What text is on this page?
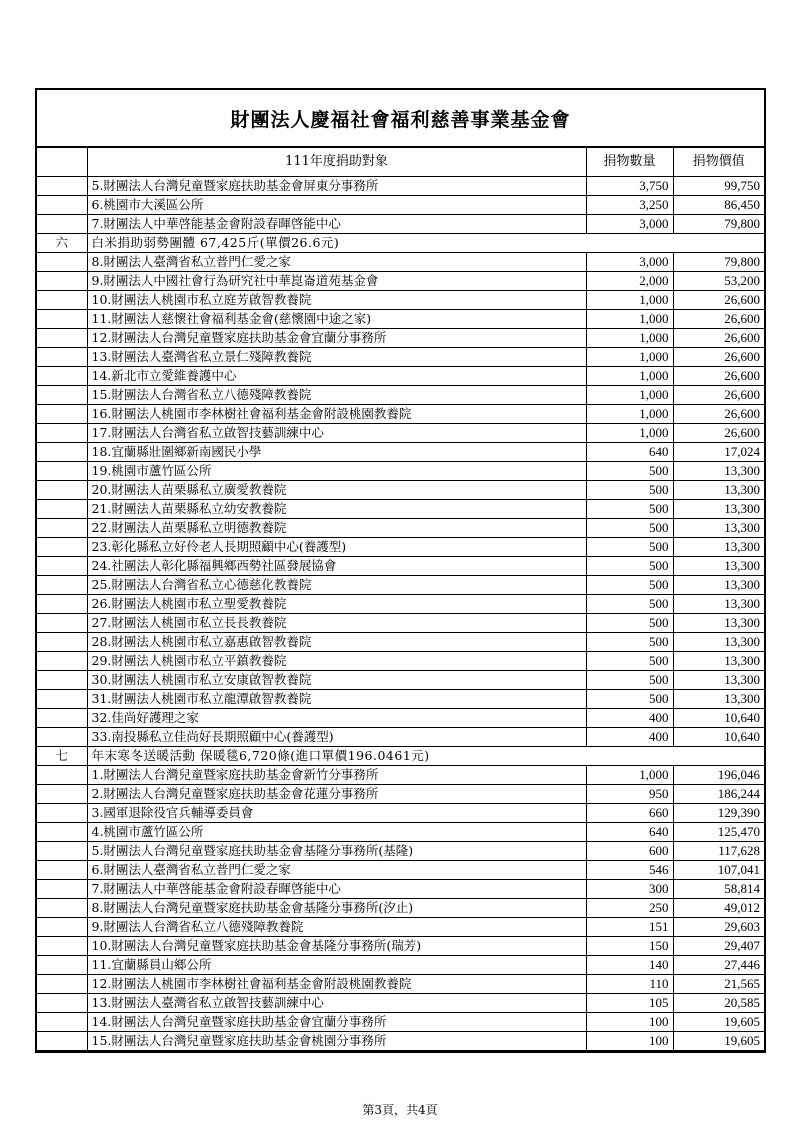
財團法人慶福社會福利慈善事業基金會
	111年度捐助對象	捐物數量	捐物價值
	5.財團法人台灣兒童暨家庭扶助基金會屏東分事務所	3,750	99,750
	6.桃園市大溪區公所	3,250	86,450
	7.財團法人中華啓能基金會附設春暉啓能中心	3,000	79,800
六	白米捐助弱勢團體 67,425斤(單價26.6元)		
	8.財團法人臺灣省私立普門仁愛之家	3,000	79,800
	9.財團法人中國社會行為研究社中華崑崙道苑基金會	2,000	53,200
	10.財團法人桃園市私立庭芳啟智教養院	1,000	26,600
	11.財團法人慈懷社會福利基金會(慈懷園中途之家)	1,000	26,600
	12.財團法人台灣兒童暨家庭扶助基金會宜蘭分事務所	1,000	26,600
	13.財團法人臺灣省私立景仁殘障教養院	1,000	26,600
	14.新北市立愛維養護中心	1,000	26,600
	15.財團法人台灣省私立八德殘障教養院	1,000	26,600
	16.財團法人桃園市李林樹社會福利基金會附設桃園教養院	1,000	26,600
	17.財團法人台灣省私立啟智技藝訓練中心	1,000	26,600
	18.宜蘭縣壯圍鄉新南國民小學	640	17,024
	19.桃園市蘆竹區公所	500	13,300
	20.財團法人苗栗縣私立廣愛教養院	500	13,300
	21.財團法人苗栗縣私立幼安教養院	500	13,300
	22.財團法人苗栗縣私立明德教養院	500	13,300
	23.彰化縣私立好伶老人長期照顧中心(養護型)	500	13,300
	24.社團法人彰化縣福興鄉西勢社區發展協會	500	13,300
	25.財團法人台灣省私立心德慈化教養院	500	13,300
	26.財團法人桃園市私立聖愛教養院	500	13,300
	27.財團法人桃園市私立長長教養院	500	13,300
	28.財團法人桃園市私立嘉惠啟智教養院	500	13,300
	29.財團法人桃園市私立平鎮教養院	500	13,300
	30.財團法人桃園市私立安康啟智教養院	500	13,300
	31.財團法人桃園市私立龍潭啟智教養院	500	13,300
	32.佳尚好護理之家	400	10,640
	33.南投縣私立佳尚好長期照顧中心(養護型)	400	10,640
七	年末寒冬送暖活動 保暖毯6,720條(進口單價196.0461元)		
	1.財團法人台灣兒童暨家庭扶助基金會新竹分事務所	1,000	196,046
	2.財團法人台灣兒童暨家庭扶助基金會花蓮分事務所	950	186,244
	3.國軍退除役官兵輔導委員會	660	129,390
	4.桃園市蘆竹區公所	640	125,470
	5.財團法人台灣兒童暨家庭扶助基金會基隆分事務所(基隆)	600	117,628
	6.財團法人臺灣省私立普門仁愛之家	546	107,041
	7.財團法人中華啓能基金會附設春暉啓能中心	300	58,814
	8.財團法人台灣兒童暨家庭扶助基金會基隆分事務所(汐止)	250	49,012
	9.財團法人台灣省私立八德殘障教養院	151	29,603
	10.財團法人台灣兒童暨家庭扶助基金會基隆分事務所(瑞芳)	150	29,407
	11.宜蘭縣員山鄉公所	140	27,446
	12.財團法人桃園市李林樹社會福利基金會附設桃園教養院	110	21,565
	13.財團法人臺灣省私立啟智技藝訓練中心	105	20,585
	14.財團法人台灣兒童暨家庭扶助基金會宜蘭分事務所	100	19,605
	15.財團法人台灣兒童暨家庭扶助基金會桃園分事務所	100	19,605
第3頁，共4頁
